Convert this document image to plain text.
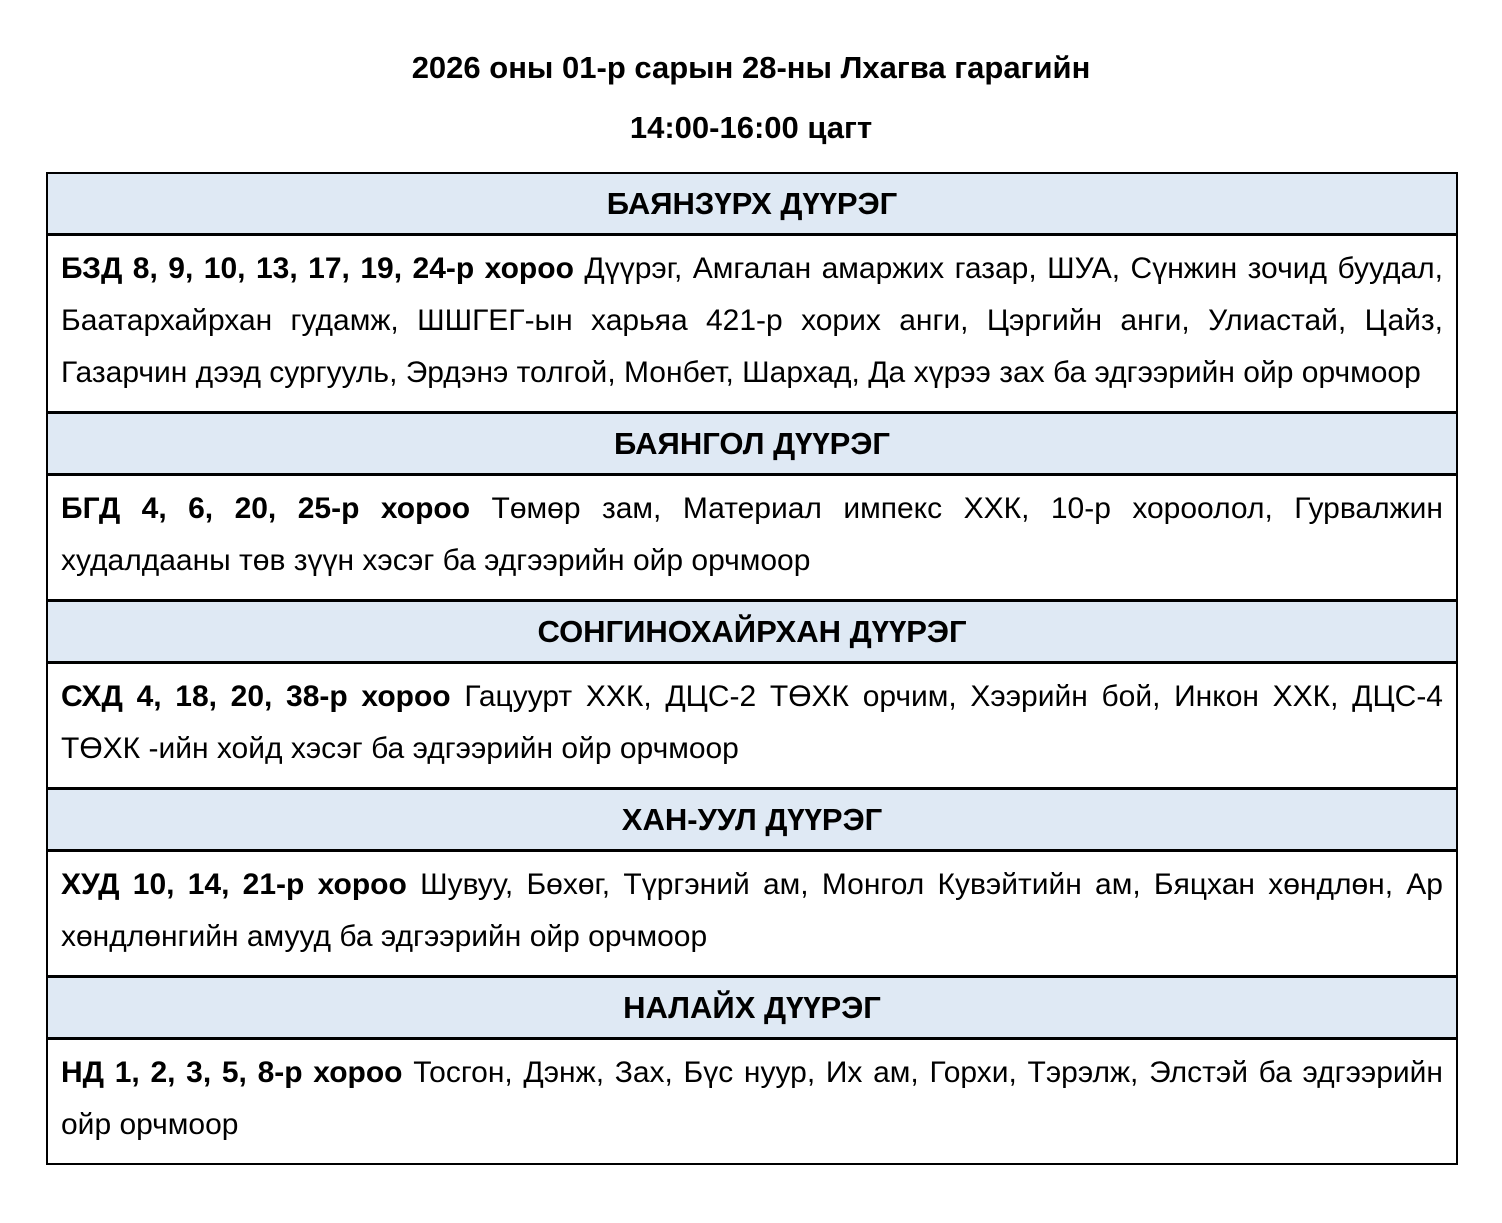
2026 оны 01-р сарын 28-ны Лхагва гарагийн
14:00-16:00 цагт
БАЯНЗҮРХ ДҮҮРЭГ
БЗД 8, 9, 10, 13, 17, 19, 24-р хороо Дүүрэг, Амгалан амаржих газар, ШУА, Сүнжин зочид буудал, Баатархайрхан гудамж, ШШГЕГ-ын харьяа 421-р хорих анги, Цэргийн анги, Улиастай, Цайз, Газарчин дээд сургууль, Эрдэнэ толгой, Монбет, Шархад, Да хүрээ зах ба эдгээрийн ойр орчмоор
БАЯНГОЛ ДҮҮРЭГ
БГД 4, 6, 20, 25-р хороо Төмөр зам, Материал импекс ХХК, 10-р хороолол, Гурвалжин худалдааны төв зүүн хэсэг ба эдгээрийн ойр орчмоор
СОНГИНОХАЙРХАН ДҮҮРЭГ
СХД 4, 18, 20, 38-р хороо Гацуурт ХХК, ДЦС-2 ТӨХК орчим, Хээрийн бой, Инкон ХХК, ДЦС-4 ТӨХК -ийн хойд хэсэг ба эдгээрийн ойр орчмоор
ХАН-УУЛ ДҮҮРЭГ
ХУД 10, 14, 21-р хороо Шувуу, Бөхөг, Түргэний ам, Монгол Кувэйтийн ам, Бяцхан хөндлөн, Ар хөндлөнгийн амууд ба эдгээрийн ойр орчмоор
НАЛАЙХ ДҮҮРЭГ
НД 1, 2, 3, 5, 8-р хороо Тосгон, Дэнж, Зах, Бүс нуур, Их ам, Горхи, Тэрэлж, Элстэй ба эдгээрийн ойр орчмоор
